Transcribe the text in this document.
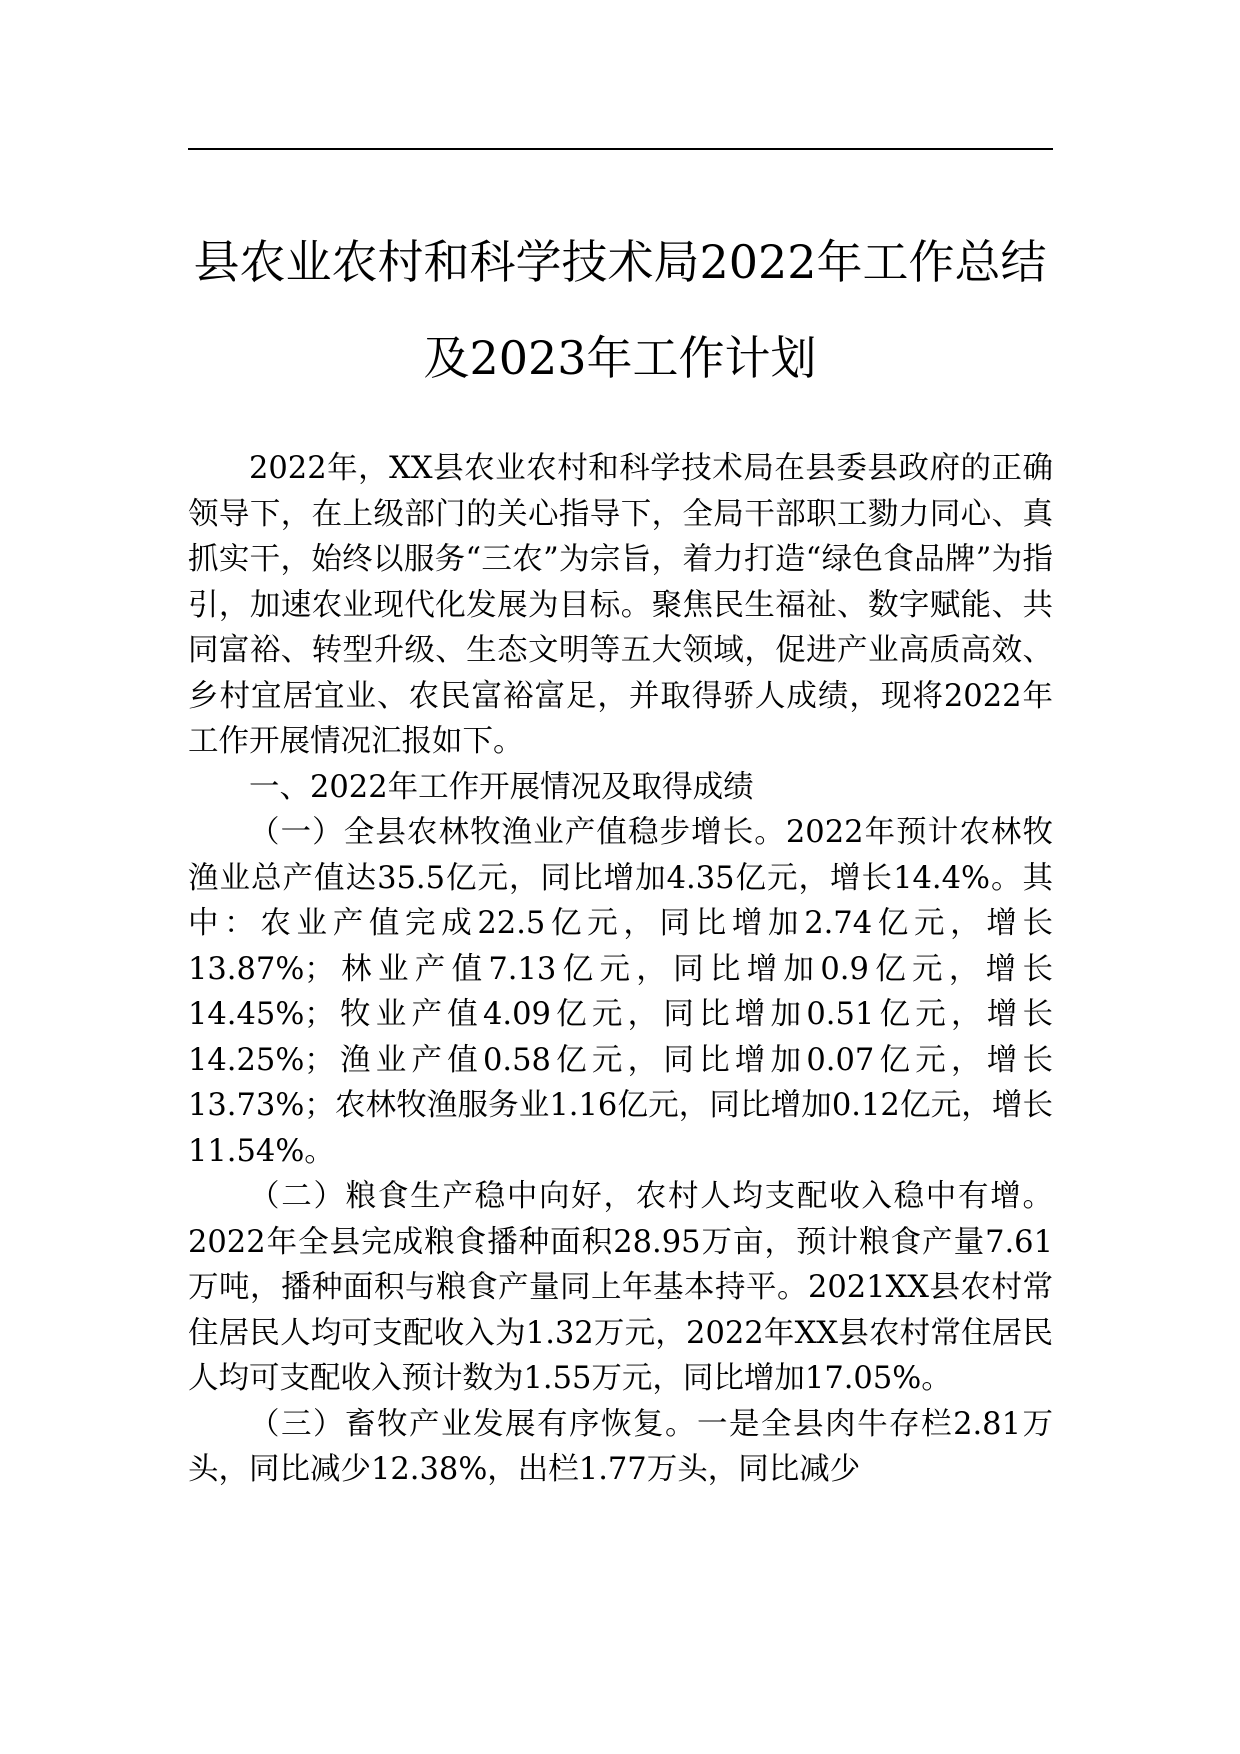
县农业农村和科学技术局2022年工作总结
及2023年工作计划

2022年，XX县农业农村和科学技术局在县委县政府的正确领导下，在上级部门的关心指导下，全局干部职工勠力同心、真抓实干，始终以服务“三农”为宗旨，着力打造“绿色食品牌”为指引，加速农业现代化发展为目标。聚焦民生福祉、数字赋能、共同富裕、转型升级、生态文明等五大领域，促进产业高质高效、乡村宜居宜业、农民富裕富足，并取得骄人成绩，现将2022年工作开展情况汇报如下。

一、2022年工作开展情况及取得成绩

（一）全县农林牧渔业产值稳步增长。2022年预计农林牧渔业总产值达35.5亿元，同比增加4.35亿元，增长14.4%。其中：农业产值完成22.5亿元，同比增加2.74亿元，增长13.87%；林业产值7.13亿元，同比增加0.9亿元，增长14.45%；牧业产值4.09亿元，同比增加0.51亿元，增长14.25%；渔业产值0.58亿元，同比增加0.07亿元，增长13.73%；农林牧渔服务业1.16亿元，同比增加0.12亿元，增长11.54%。

（二）粮食生产稳中向好，农村人均支配收入稳中有增。2022年全县完成粮食播种面积28.95万亩，预计粮食产量7.61万吨，播种面积与粮食产量同上年基本持平。2021XX县农村常住居民人均可支配收入为1.32万元，2022年XX县农村常住居民人均可支配收入预计数为1.55万元，同比增加17.05%。

（三）畜牧产业发展有序恢复。一是全县肉牛存栏2.81万头，同比减少12.38%，出栏1.77万头，同比减少
